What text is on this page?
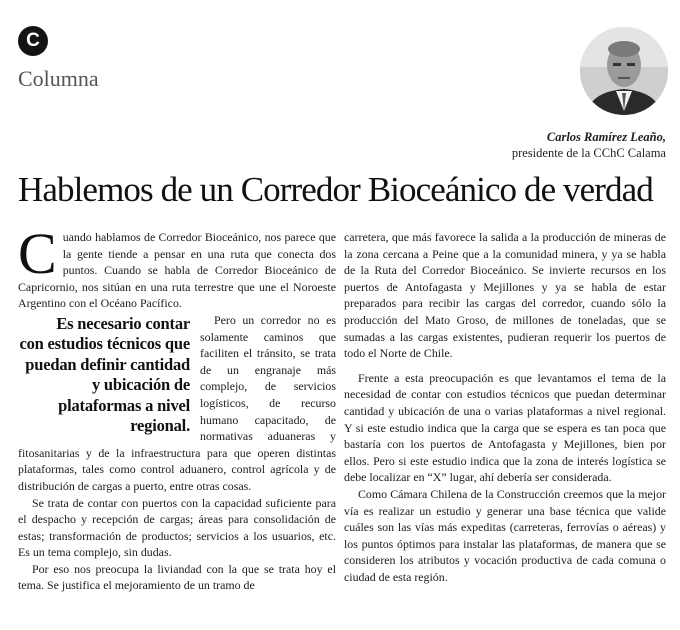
C
Columna
Carlos Ramírez Leaño,
presidente de la CChC Calama
Hablemos de un Corredor Bioceánico de verdad

Cuando hablamos de Corredor Bioceánico, nos parece que la gente tiende a pensar en una ruta que conecta dos puntos. Cuando se habla de Corredor Bioceánico de Capricornio, nos sitúan en una ruta terrestre que une el Noroeste Argentino con el Océano Pacífico.

Es necesario contar con estudios técnicos que puedan definir cantidad y ubicación de plataformas a nivel regional.
Pero un corredor no es solamente caminos que faciliten el tránsito, se trata de un engranaje más complejo, de servicios logísticos, de recurso humano capacitado, de normativas aduaneras y fitosanitarias y de la infraestructura para que operen distintas plataformas, tales como control aduanero, control agrícola y de distribución de cargas a puerto, entre otras cosas.

Se trata de contar con puertos con la capacidad suficiente para el despacho y recepción de cargas; áreas para consolidación de estas; transformación de productos; servicios a los usuarios, etc. Es un tema complejo, sin dudas.

Por eso nos preocupa la liviandad con la que se trata hoy el tema. Se justifica el mejoramiento de un tramo de

carretera, que más favorece la salida a la producción de mineras de la zona cercana a Peine que a la comunidad minera, y ya se habla de la Ruta del Corredor Bioceánico. Se invierte recursos en los puertos de Antofagasta y Mejillones y ya se habla de estar preparados para recibir las cargas del corredor, cuando sólo la producción del Mato Groso, de millones de toneladas, que se sumadas a las cargas existentes, pudieran requerir los puertos de todo el Norte de Chile.

Frente a esta preocupación es que levantamos el tema de la necesidad de contar con estudios técnicos que puedan determinar cantidad y ubicación de una o varias plataformas a nivel regional. Y si este estudio indica que la carga que se espera es tan poca que bastaría con los puertos de Antofagasta y Mejillones, bien por ellos. Pero si este estudio indica que la zona de interés logística se debe localizar en “X” lugar, ahí debería ser considerada.

Como Cámara Chilena de la Construcción creemos que la mejor vía es realizar un estudio y generar una base técnica que valide cuáles son las vías más expeditas (carreteras, ferrovías o aéreas) y los puntos óptimos para instalar las plataformas, de manera que se consideren los atributos y vocación productiva de cada comuna o ciudad de esta región.
